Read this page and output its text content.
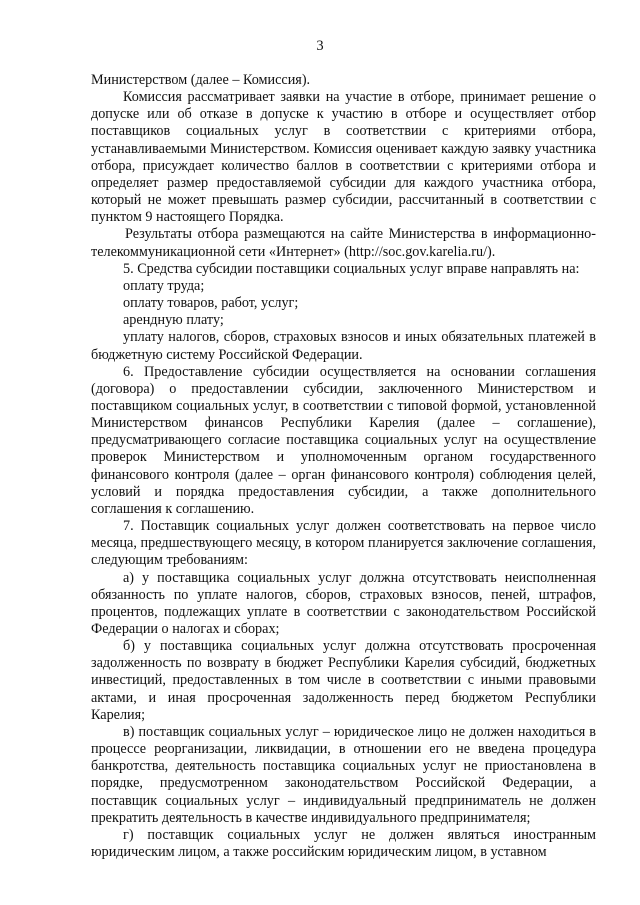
3

Министерством (далее – Комиссия).

Комиссия рассматривает заявки на участие в отборе, принимает решение о допуске или об отказе в допуске к участию в отборе и осуществляет отбор поставщиков социальных услуг в соответствии с критериями отбора, устанавливаемыми Министерством. Комиссия оценивает каждую заявку участника отбора, присуждает количество баллов в соответствии с критериями отбора и определяет размер предоставляемой субсидии для каждого участника отбора, который не может превышать размер субсидии, рассчитанный в соответствии с пунктом 9 настоящего Порядка.

Результаты отбора размещаются на сайте Министерства в информационно-телекоммуникационной сети «Интернет» (http://soc.gov.karelia.ru/).

5. Средства субсидии поставщики социальных услуг вправе направлять на:

оплату труда;

оплату товаров, работ, услуг;

арендную плату;

уплату налогов, сборов, страховых взносов и иных обязательных платежей в бюджетную систему Российской Федерации.

6. Предоставление субсидии осуществляется на основании соглашения (договора) о предоставлении субсидии, заключенного Министерством и поставщиком социальных услуг, в соответствии с типовой формой, установленной Министерством финансов Республики Карелия (далее – соглашение), предусматривающего согласие поставщика социальных услуг на осуществление проверок Министерством и уполномоченным органом государственного финансового контроля (далее – орган финансового контроля) соблюдения целей, условий и порядка предоставления субсидии, а также дополнительного соглашения к соглашению.

7. Поставщик социальных услуг должен соответствовать на первое число месяца, предшествующего месяцу, в котором планируется заключение соглашения, следующим требованиям:

а) у поставщика социальных услуг должна отсутствовать неисполненная обязанность по уплате налогов, сборов, страховых взносов, пеней, штрафов, процентов, подлежащих уплате в соответствии с законодательством Российской Федерации о налогах и сборах;

б) у поставщика социальных услуг должна отсутствовать просроченная задолженность по возврату в бюджет Республики Карелия субсидий, бюджетных инвестиций, предоставленных в том числе в соответствии с иными правовыми актами, и иная просроченная задолженность перед бюджетом Республики Карелия;

в) поставщик социальных услуг – юридическое лицо не должен находиться в процессе реорганизации, ликвидации, в отношении его не введена процедура банкротства, деятельность поставщика социальных услуг не приостановлена в порядке, предусмотренном законодательством Российской Федерации, а поставщик социальных услуг – индивидуальный предприниматель не должен прекратить деятельность в качестве индивидуального предпринимателя;

г) поставщик социальных услуг не должен являться иностранным юридическим лицом, а также российским юридическим лицом, в уставном
